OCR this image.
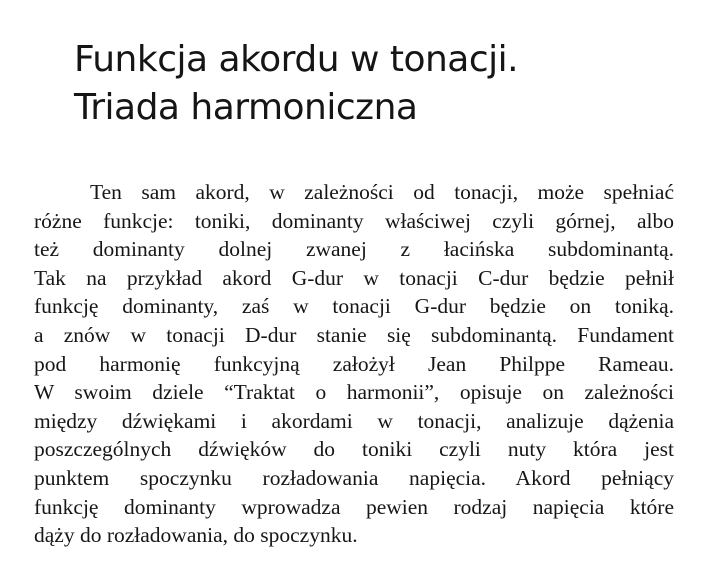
Funkcja akordu w tonacji.
Triada harmoniczna
Ten sam akord, w zależności od tonacji, może spełniać
różne funkcje: toniki, dominanty właściwej czyli górnej, albo
też dominanty dolnej zwanej z łacińska subdominantą.
Tak na przykład akord G-dur w tonacji C-dur będzie pełnił
funkcję dominanty, zaś w tonacji G-dur będzie on toniką.
a znów w tonacji D-dur stanie się subdominantą. Fundament
pod harmonię funkcyjną założył Jean Philppe Rameau.
W swoim dziele “Traktat o harmonii”, opisuje on zależności
między dźwiękami i akordami w tonacji, analizuje dążenia
poszczególnych dźwięków do toniki czyli nuty która jest
punktem spoczynku rozładowania napięcia. Akord pełniący
funkcję dominanty wprowadza pewien rodzaj napięcia które
dąży do rozładowania, do spoczynku.
